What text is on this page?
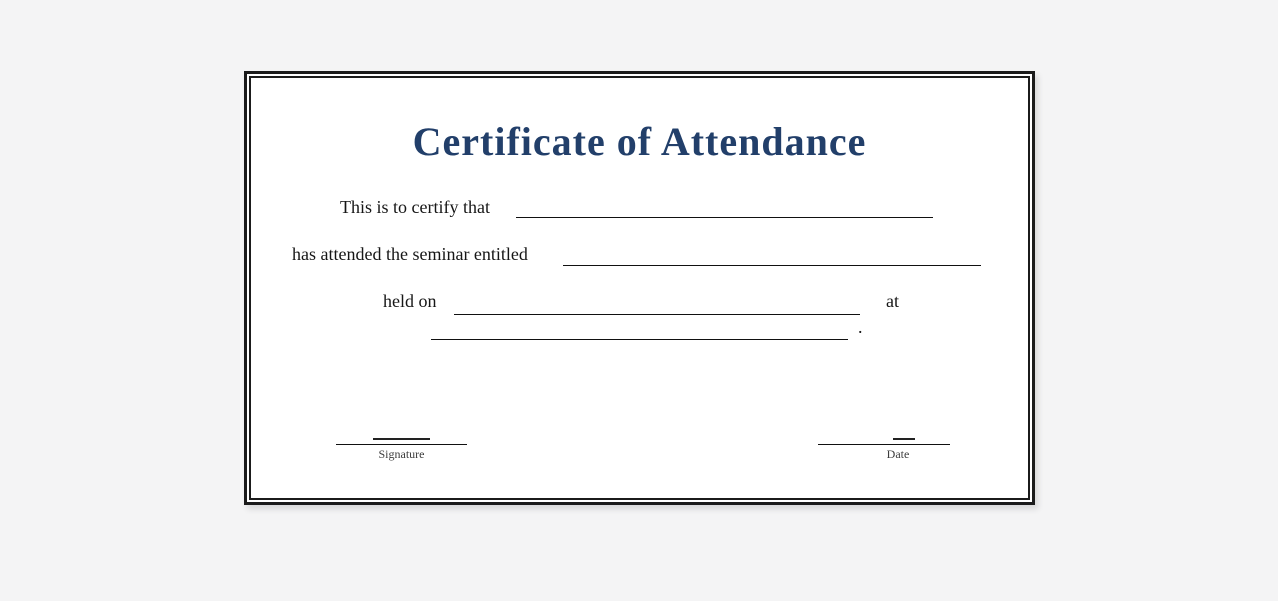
Certificate of Attendance
This is to certify that
has attended the seminar entitled
held on	at
.
Signature	Date
